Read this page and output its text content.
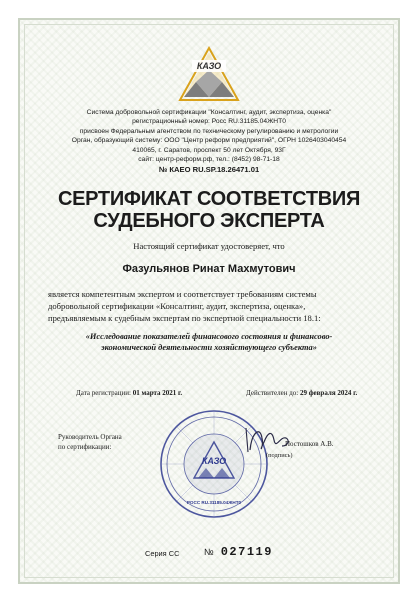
КАЗО
Система добровольной сертификации "Консалтинг, аудит, экспертиза, оценка"
регистрационный номер: Росс RU.31185.04ЖНТ0
присвоен Федеральным агентством по техническому регулированию и метрологии
Орган, образующий систему: ООО "Центр реформ предприятий", ОГРН 1026403040454
410065, г. Саратов, проспект 50 лет Октября, 93Г
сайт: центр-реформ.рф, тел.: (8452) 98-71-18
№ КАЕО RU.SP.18.26471.01
СЕРТИФИКАТ СООТВЕТСТВИЯ
СУДЕБНОГО ЭКСПЕРТА
Настоящий сертификат удостоверяет, что
Фазульянов Ринат Махмутович
является компетентным экспертом и соответствует требованиям системы
добровольной сертификации «Консалтинг, аудит, экспертиза, оценка»,
предъявляемым к судебным экспертам по экспертной специальности 18.1:
«Исследование показателей финансового состояния и финансово-
экономической деятельности хозяйствующего субъекта»
Дата регистрации: 01 марта 2021 г.	Действителен до: 29 февраля 2024 г.
Руководитель Органа
по сертификации:
КАЗО
РОСС RU.31185.04ЖНТ0
Постошков А.В.
(подпись)
Серия СС	№ 027119
